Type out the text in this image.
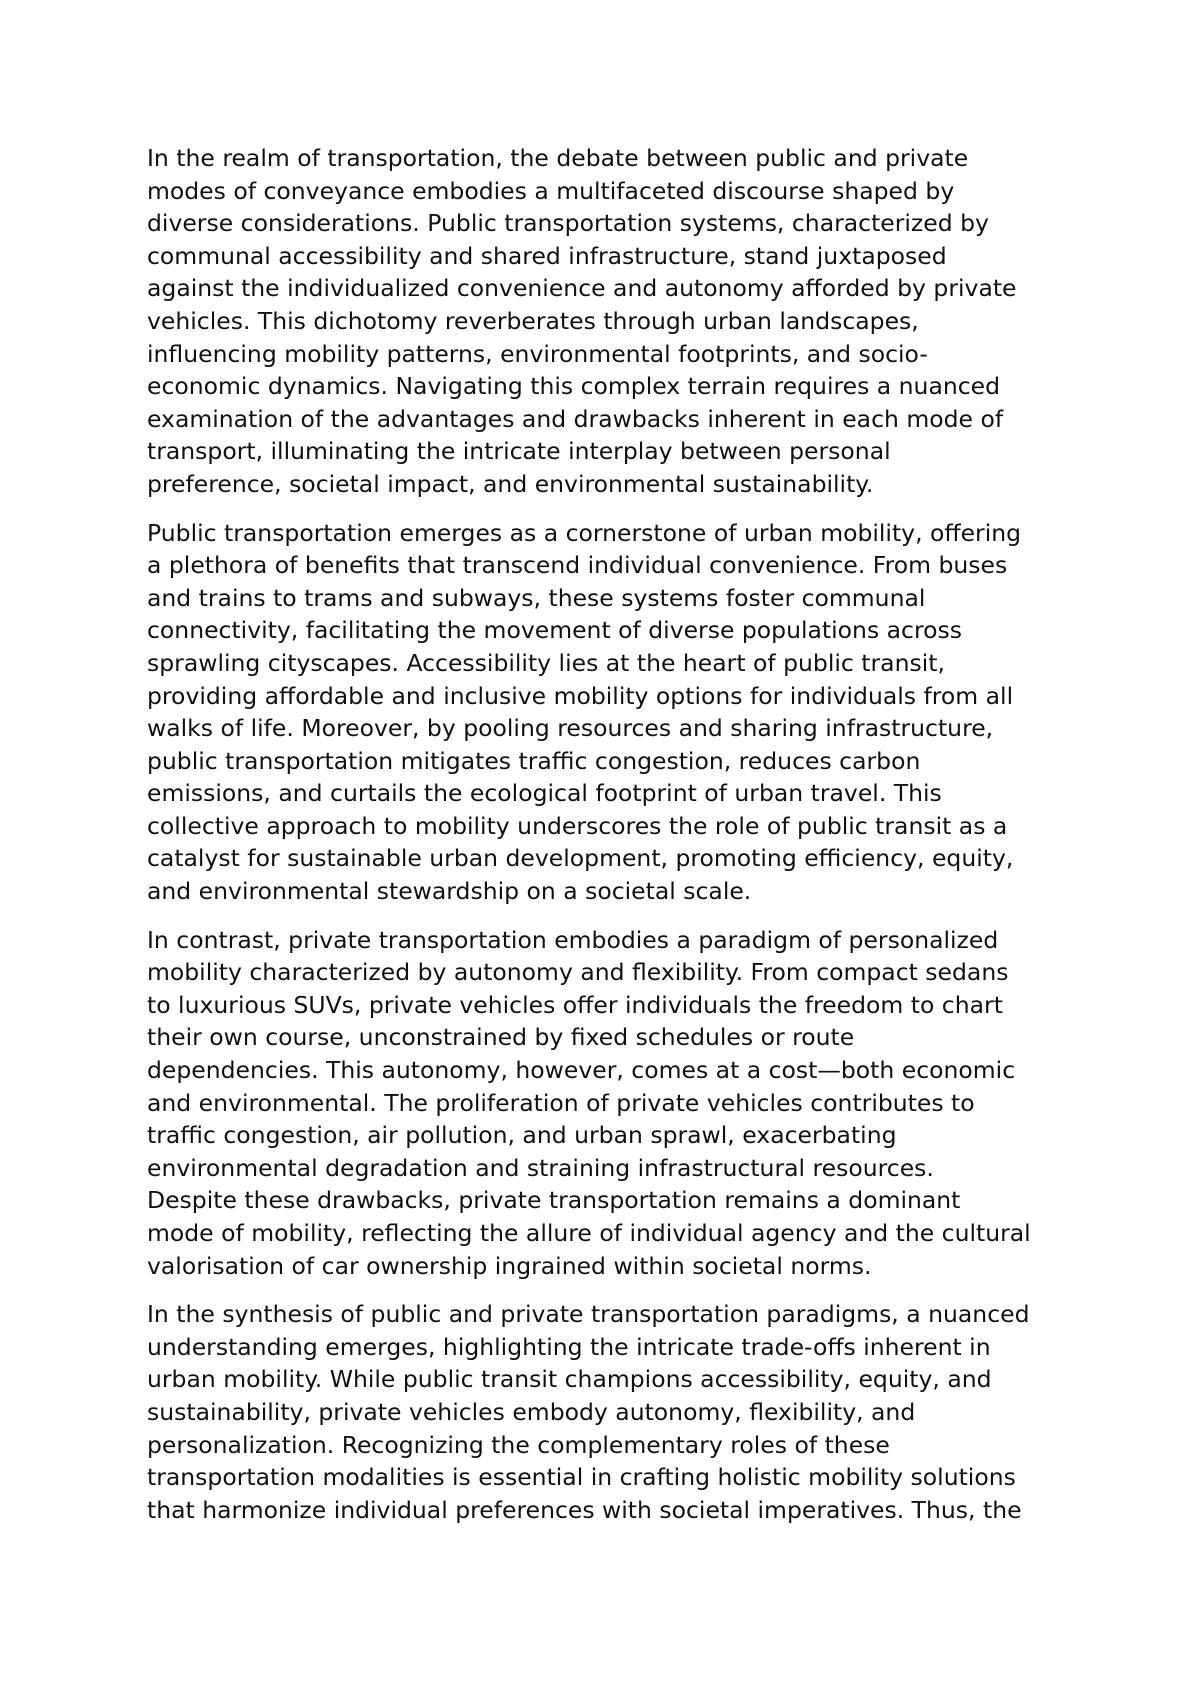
In the realm of transportation, the debate between public and private
modes of conveyance embodies a multifaceted discourse shaped by
diverse considerations. Public transportation systems, characterized by
communal accessibility and shared infrastructure, stand juxtaposed
against the individualized convenience and autonomy afforded by private
vehicles. This dichotomy reverberates through urban landscapes,
influencing mobility patterns, environmental footprints, and socio-
economic dynamics. Navigating this complex terrain requires a nuanced
examination of the advantages and drawbacks inherent in each mode of
transport, illuminating the intricate interplay between personal
preference, societal impact, and environmental sustainability.

Public transportation emerges as a cornerstone of urban mobility, offering
a plethora of benefits that transcend individual convenience. From buses
and trains to trams and subways, these systems foster communal
connectivity, facilitating the movement of diverse populations across
sprawling cityscapes. Accessibility lies at the heart of public transit,
providing affordable and inclusive mobility options for individuals from all
walks of life. Moreover, by pooling resources and sharing infrastructure,
public transportation mitigates traffic congestion, reduces carbon
emissions, and curtails the ecological footprint of urban travel. This
collective approach to mobility underscores the role of public transit as a
catalyst for sustainable urban development, promoting efficiency, equity,
and environmental stewardship on a societal scale.

In contrast, private transportation embodies a paradigm of personalized
mobility characterized by autonomy and flexibility. From compact sedans
to luxurious SUVs, private vehicles offer individuals the freedom to chart
their own course, unconstrained by fixed schedules or route
dependencies. This autonomy, however, comes at a cost—both economic
and environmental. The proliferation of private vehicles contributes to
traffic congestion, air pollution, and urban sprawl, exacerbating
environmental degradation and straining infrastructural resources.
Despite these drawbacks, private transportation remains a dominant
mode of mobility, reflecting the allure of individual agency and the cultural
valorisation of car ownership ingrained within societal norms.

In the synthesis of public and private transportation paradigms, a nuanced
understanding emerges, highlighting the intricate trade-offs inherent in
urban mobility. While public transit champions accessibility, equity, and
sustainability, private vehicles embody autonomy, flexibility, and
personalization. Recognizing the complementary roles of these
transportation modalities is essential in crafting holistic mobility solutions
that harmonize individual preferences with societal imperatives. Thus, the
